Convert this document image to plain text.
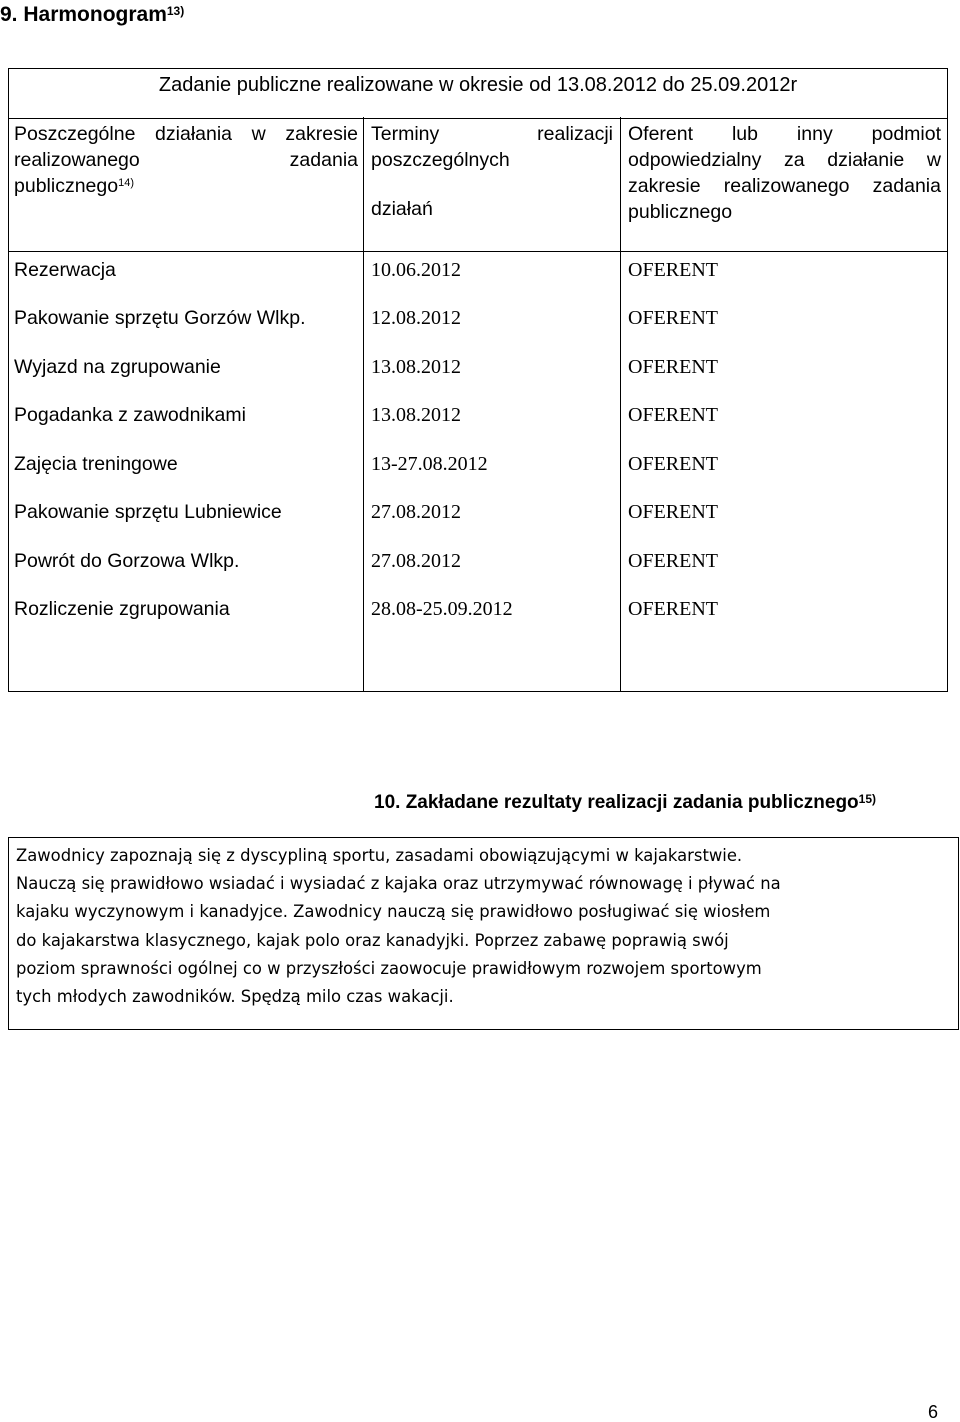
9. Harmonogram$^{13)}$
Zadanie publiczne realizowane w okresie od 13.08.2012 do 25.09.2012r
Poszczególne działania w zakresie
realizowanego zadania
publicznego$^{14)}$
Terminy realizacji
poszczególnych
działań
Oferent lub inny podmiot
odpowiedzialny za działanie w
zakresie realizowanego zadania
publicznego
Rezerwacja
Pakowanie sprzętu Gorzów Wlkp.
Wyjazd na zgrupowanie
Pogadanka z zawodnikami
Zajęcia treningowe
Pakowanie sprzętu Lubniewice
Powrót do Gorzowa Wlkp.
Rozliczenie zgrupowania
10.06.2012
12.08.2012
13.08.2012
13.08.2012
13-27.08.2012
27.08.2012
27.08.2012
28.08-25.09.2012
OFERENT
OFERENT
OFERENT
OFERENT
OFERENT
OFERENT
OFERENT
OFERENT
10. Zakładane rezultaty realizacji zadania publicznego$^{15)}$
Zawodnicy zapoznają się z dyscypliną sportu, zasadami obowiązującymi w kajakarstwie.
Nauczą się prawidłowo wsiadać i wysiadać z kajaka oraz utrzymywać równowagę i pływać na
kajaku wyczynowym i kanadyjce. Zawodnicy nauczą się prawidłowo posługiwać się wiosłem
do kajakarstwa klasycznego, kajak polo oraz kanadyjki. Poprzez zabawę poprawią swój
poziom sprawności ogólnej co w przyszłości zaowocuje prawidłowym rozwojem sportowym
tych młodych zawodników. Spędzą milo czas wakacji.
6
